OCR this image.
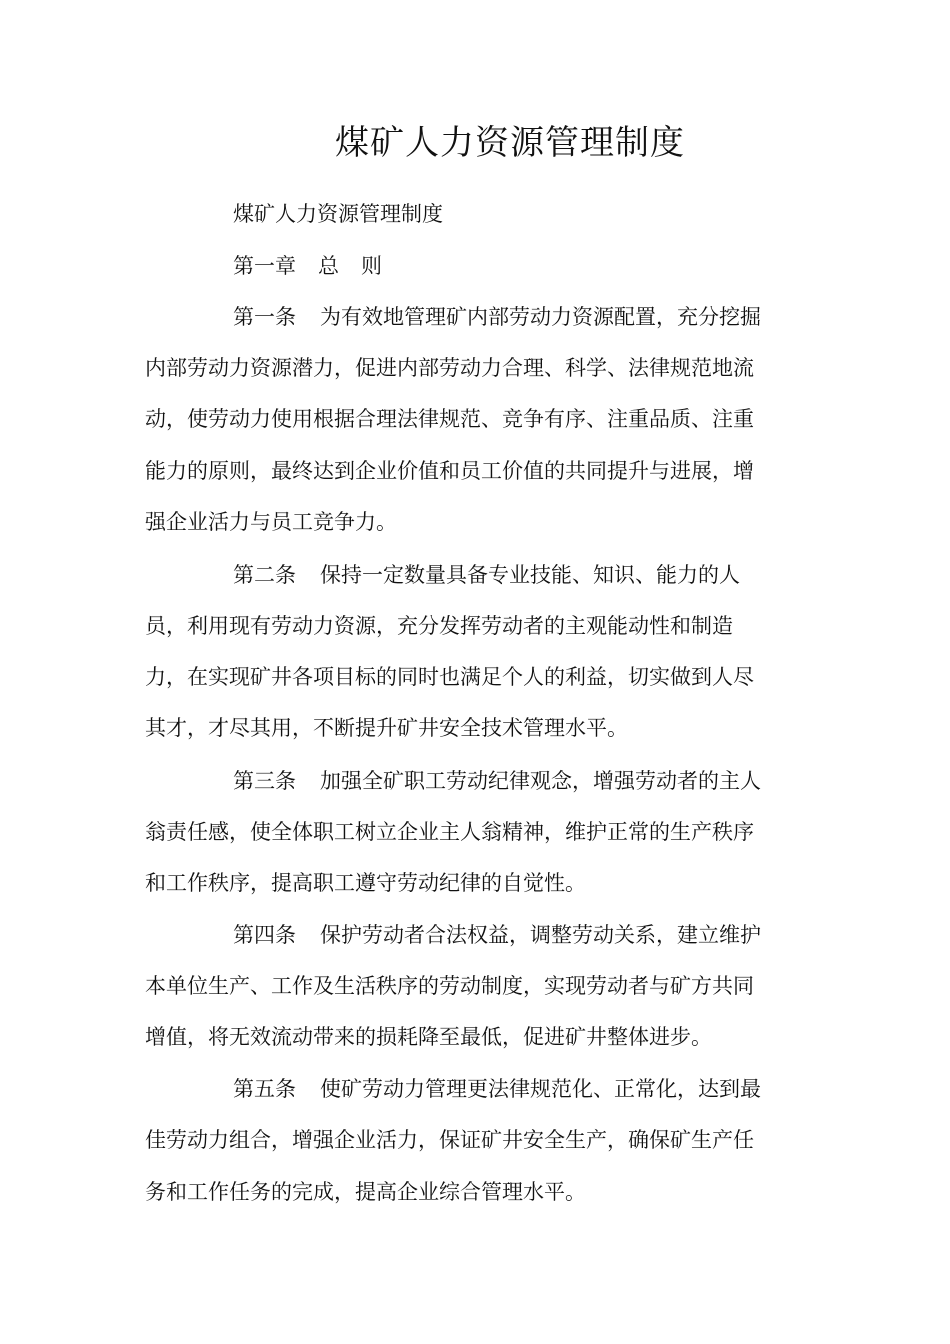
煤矿人力资源管理制度
煤矿人力资源管理制度
第一章 总 则
第一条 为有效地管理矿内部劳动力资源配置，充分挖掘
内部劳动力资源潜力，促进内部劳动力合理、科学、法律规范地流
动，使劳动力使用根据合理法律规范、竞争有序、注重品质、注重
能力的原则，最终达到企业价值和员工价值的共同提升与进展，增
强企业活力与员工竞争力。
第二条 保持一定数量具备专业技能、知识、能力的人
员，利用现有劳动力资源，充分发挥劳动者的主观能动性和制造
力，在实现矿井各项目标的同时也满足个人的利益，切实做到人尽
其才，才尽其用，不断提升矿井安全技术管理水平。
第三条 加强全矿职工劳动纪律观念，增强劳动者的主人
翁责任感，使全体职工树立企业主人翁精神，维护正常的生产秩序
和工作秩序，提高职工遵守劳动纪律的自觉性。
第四条 保护劳动者合法权益，调整劳动关系，建立维护
本单位生产、工作及生活秩序的劳动制度，实现劳动者与矿方共同
增值，将无效流动带来的损耗降至最低，促进矿井整体进步。
第五条 使矿劳动力管理更法律规范化、正常化，达到最
佳劳动力组合，增强企业活力，保证矿井安全生产，确保矿生产任
务和工作任务的完成，提高企业综合管理水平。
